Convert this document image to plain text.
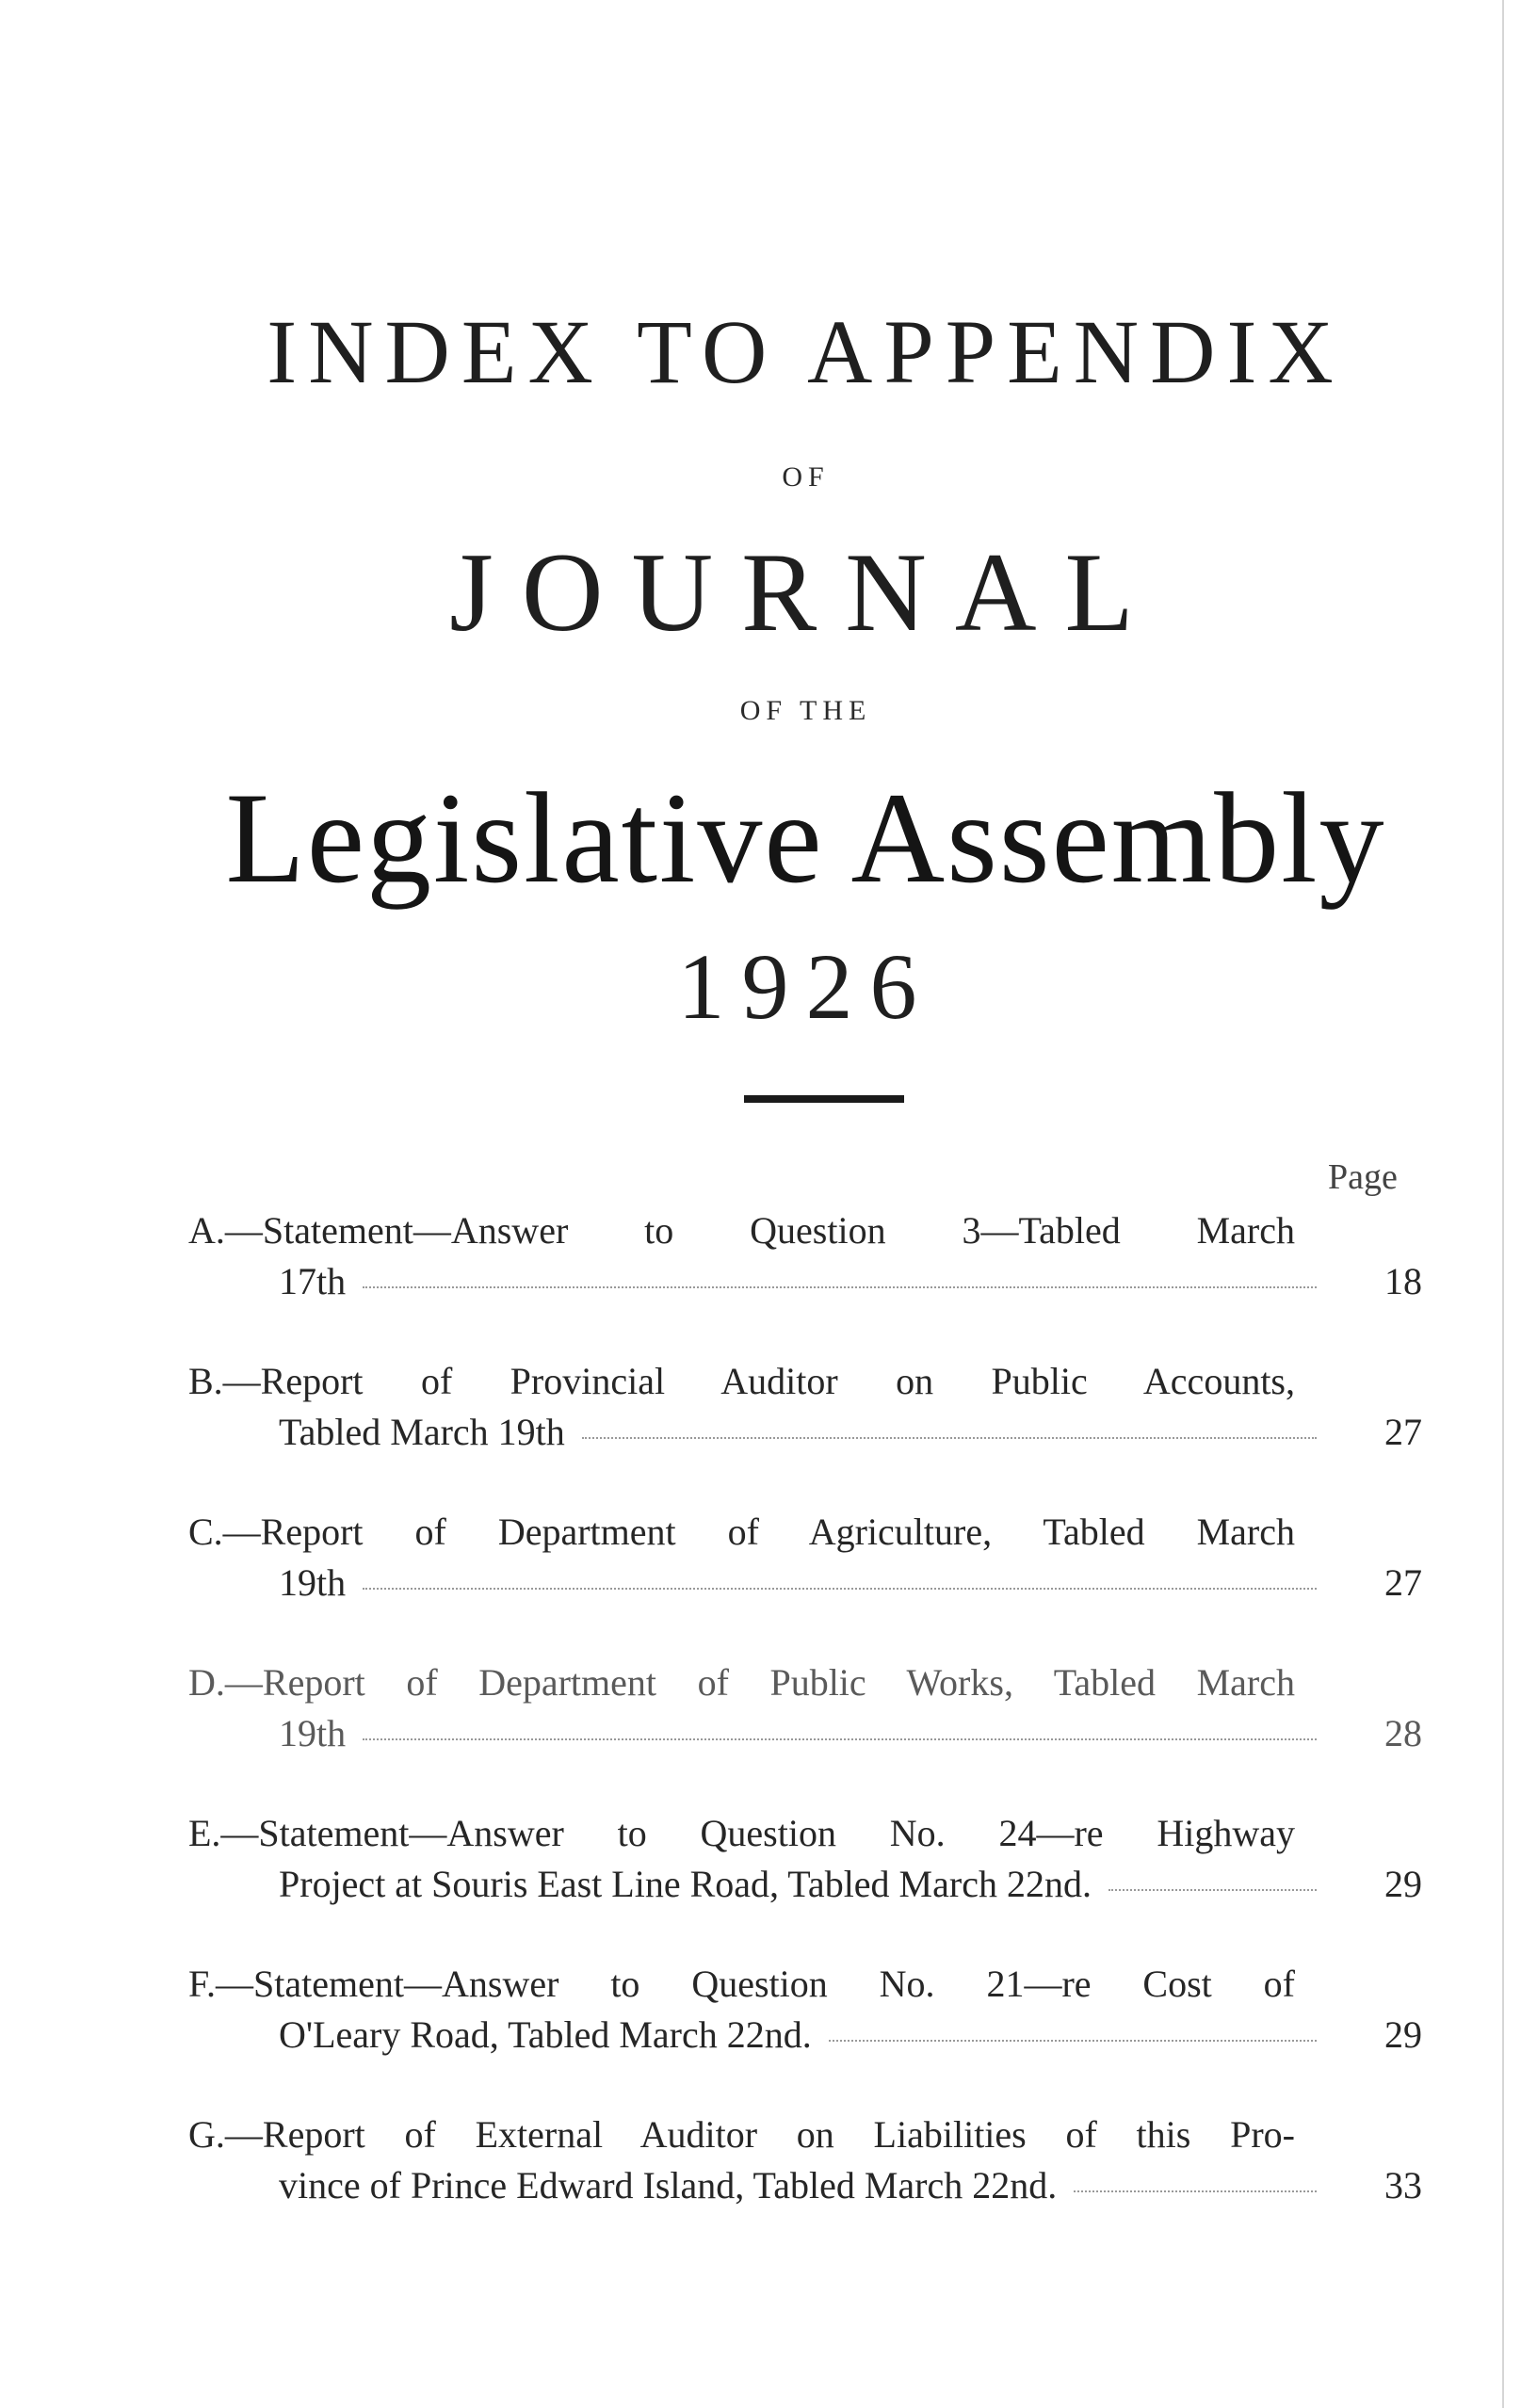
INDEX TO APPENDIX
OF
JOURNAL
OF THE
Legislative Assembly
1926
Page
A.—Statement—Answer to Question 3—Tabled March
17th	18
B.—Report of Provincial Auditor on Public Accounts,
Tabled March 19th	27
C.—Report of Department of Agriculture, Tabled March
19th	27
D.—Report of Department of Public Works, Tabled March
19th	28
E.—Statement—Answer to Question No. 24—re Highway
Project at Souris East Line Road, Tabled March 22nd.	29
F.—Statement—Answer to Question No. 21—re Cost of
O'Leary Road, Tabled March 22nd.	29
G.—Report of External Auditor on Liabilities of this Pro-
vince of Prince Edward Island, Tabled March 22nd.	33
